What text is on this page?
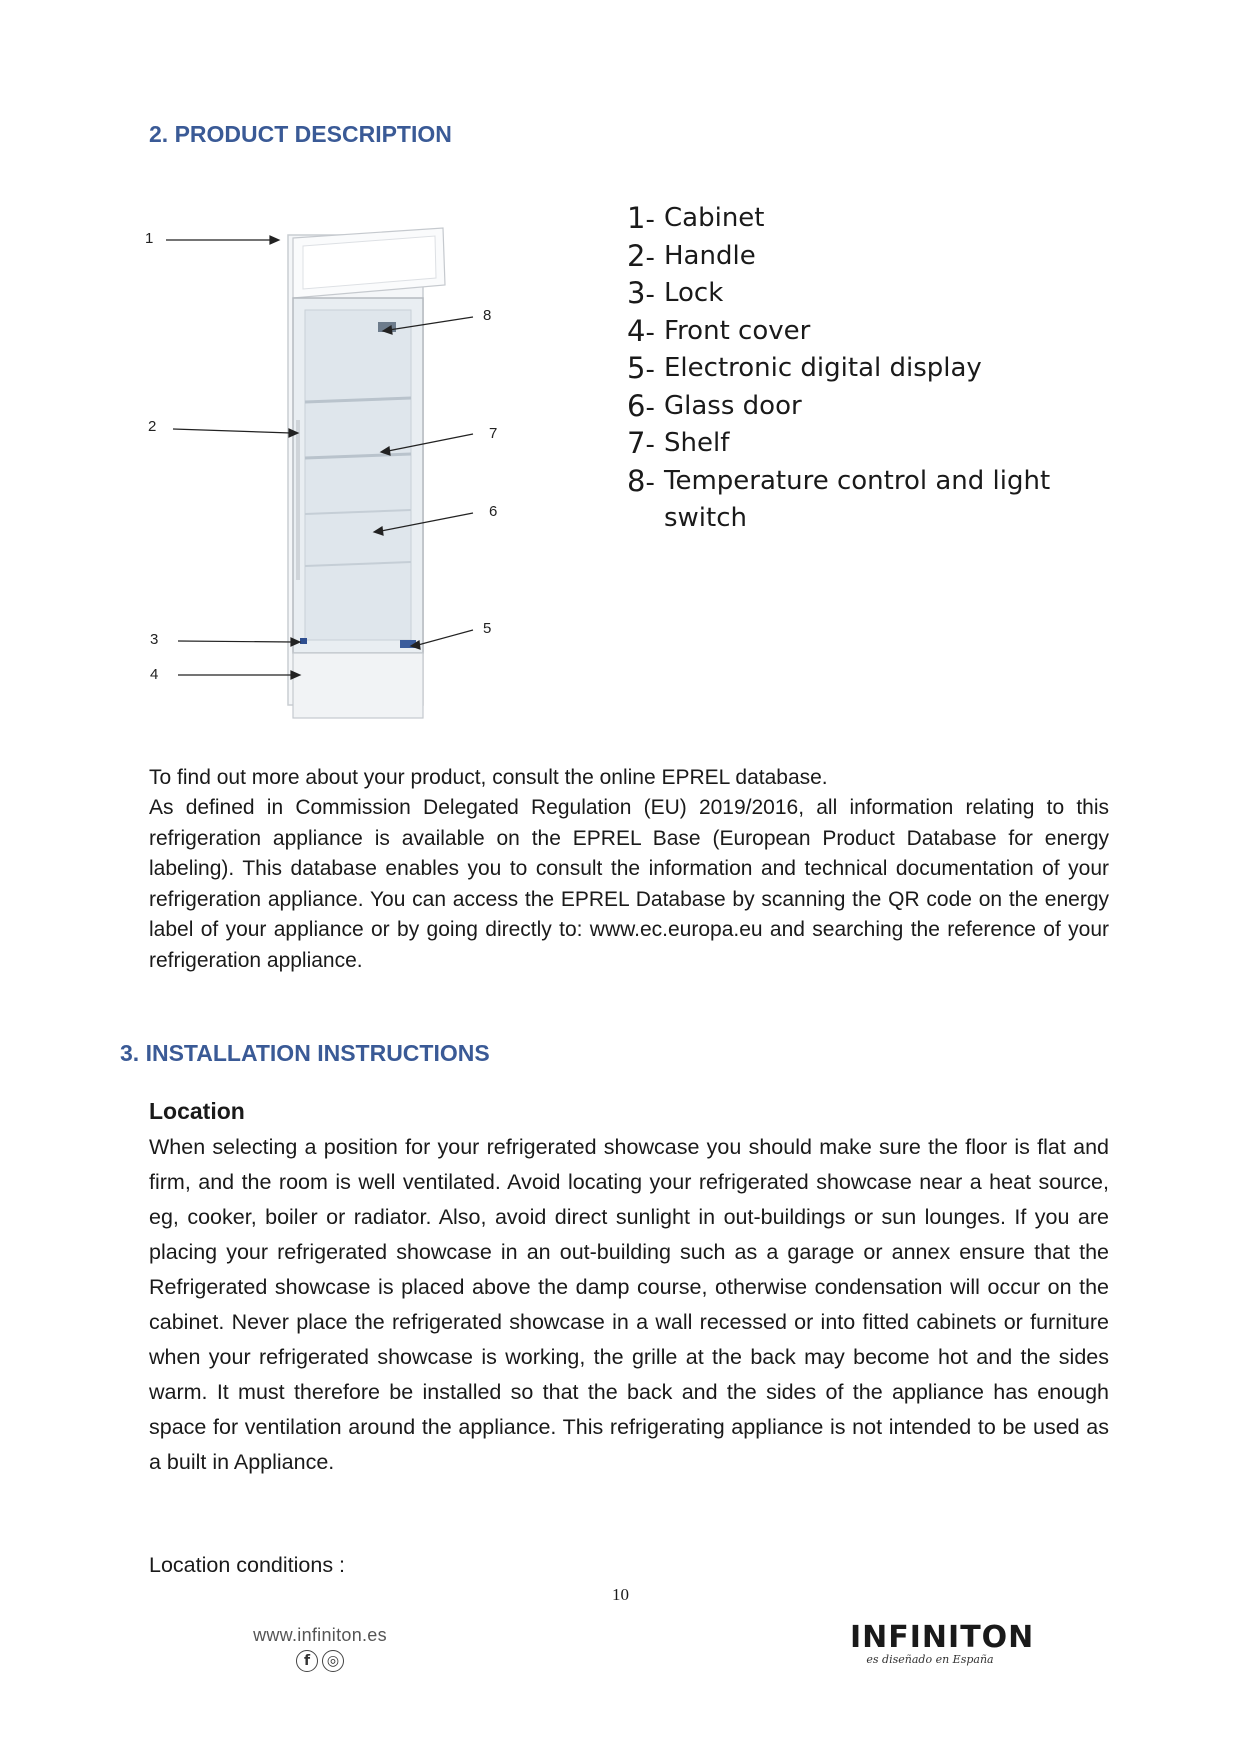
2. PRODUCT DESCRIPTION
1
2
3
4
5
6
7
8
1 - Cabinet
2 - Handle
3 - Lock
4 - Front cover
5 - Electronic digital display
6 - Glass door
7 - Shelf
8 - Temperature control and light switch

To find out more about your product, consult the online EPREL database.

As defined in Commission Delegated Regulation (EU) 2019/2016, all information relating to this refrigeration appliance is available on the EPREL Base (European Product Database for energy labeling). This database enables you to consult the information and technical documentation of your refrigeration appliance. You can access the EPREL Database by scanning the QR code on the energy label of your appliance or by going directly to: www.ec.europa.eu and searching the reference of your refrigeration appliance.

3. INSTALLATION INSTRUCTIONS
Location

When selecting a position for your refrigerated showcase you should make sure the floor is flat and firm, and the room is well ventilated. Avoid locating your refrigerated showcase near a heat source, eg, cooker, boiler or radiator. Also, avoid direct sunlight in out-buildings or sun lounges. If you are placing your refrigerated showcase in an out-building such as a garage or annex ensure that the Refrigerated showcase is placed above the damp course, otherwise condensation will occur on the cabinet. Never place the refrigerated showcase in a wall recessed or into fitted cabinets or furniture when your refrigerated showcase is working, the grille at the back may become hot and the sides warm. It must therefore be installed so that the back and the sides of the appliance has enough space for ventilation around the appliance. This refrigerating appliance is not intended to be used as a built in Appliance.

Location conditions :

10
www.infiniton.es
f	◎
INFINITON
es diseñado en España
